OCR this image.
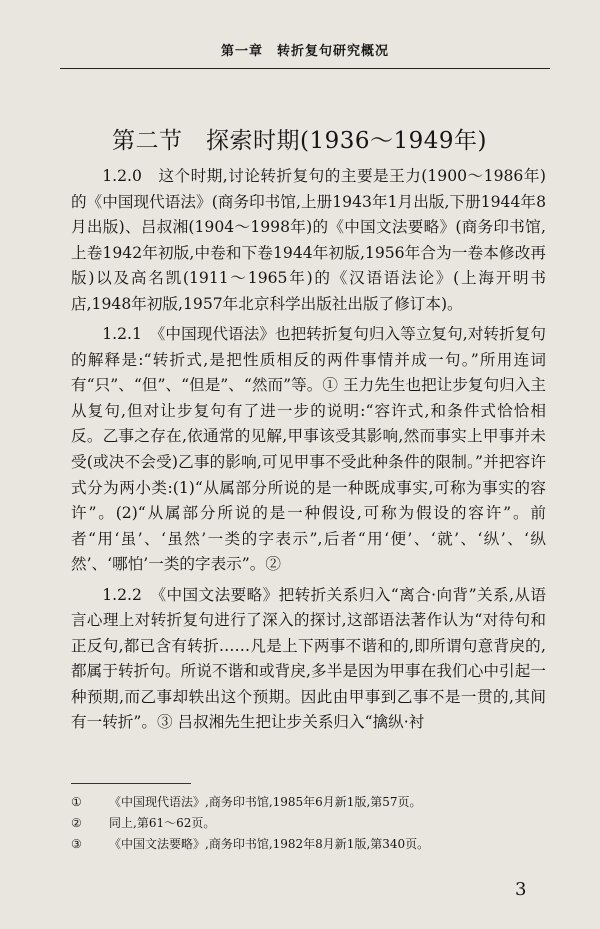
第一章　转折复句研究概况
第二节　探索时期(1936～1949年)

1.2.0　这个时期,讨论转折复句的主要是王力(1900～1986年)的《中国现代语法》(商务印书馆,上册1943年1月出版,下册1944年8月出版)、吕叔湘(1904～1998年)的《中国文法要略》(商务印书馆,上卷1942年初版,中卷和下卷1944年初版,1956年合为一卷本修改再版)以及高名凯(1911～1965年)的《汉语语法论》(上海开明书店,1948年初版,1957年北京科学出版社出版了修订本)。

1.2.1　《中国现代语法》也把转折复句归入等立复句,对转折复句的解释是:“转折式,是把性质相反的两件事情并成一句。”所用连词有“只”、“但”、“但是”、“然而”等。① 王力先生也把让步复句归入主从复句,但对让步复句有了进一步的说明:“容许式,和条件式恰恰相反。乙事之存在,依通常的见解,甲事该受其影响,然而事实上甲事并未受(或决不会受)乙事的影响,可见甲事不受此种条件的限制。”并把容许式分为两小类:(1)“从属部分所说的是一种既成事实,可称为事实的容许”。(2)“从属部分所说的是一种假设,可称为假设的容许”。前者“用‘虽’、‘虽然’一类的字表示”,后者“用‘便’、‘就’、‘纵’、‘纵然’、‘哪怕’一类的字表示”。②

1.2.2　《中国文法要略》把转折关系归入“离合·向背”关系,从语言心理上对转折复句进行了深入的探讨,这部语法著作认为“对待句和正反句,都已含有转折……凡是上下两事不谐和的,即所谓句意背戾的,都属于转折句。所说不谐和或背戾,多半是因为甲事在我们心中引起一种预期,而乙事却轶出这个预期。因此由甲事到乙事不是一贯的,其间有一转折”。③ 吕叔湘先生把让步关系归入“擒纵·衬

①	《中国现代语法》,商务印书馆,1985年6月新1版,第57页。
②	同上,第61～62页。
③	《中国文法要略》,商务印书馆,1982年8月新1版,第340页。
3
